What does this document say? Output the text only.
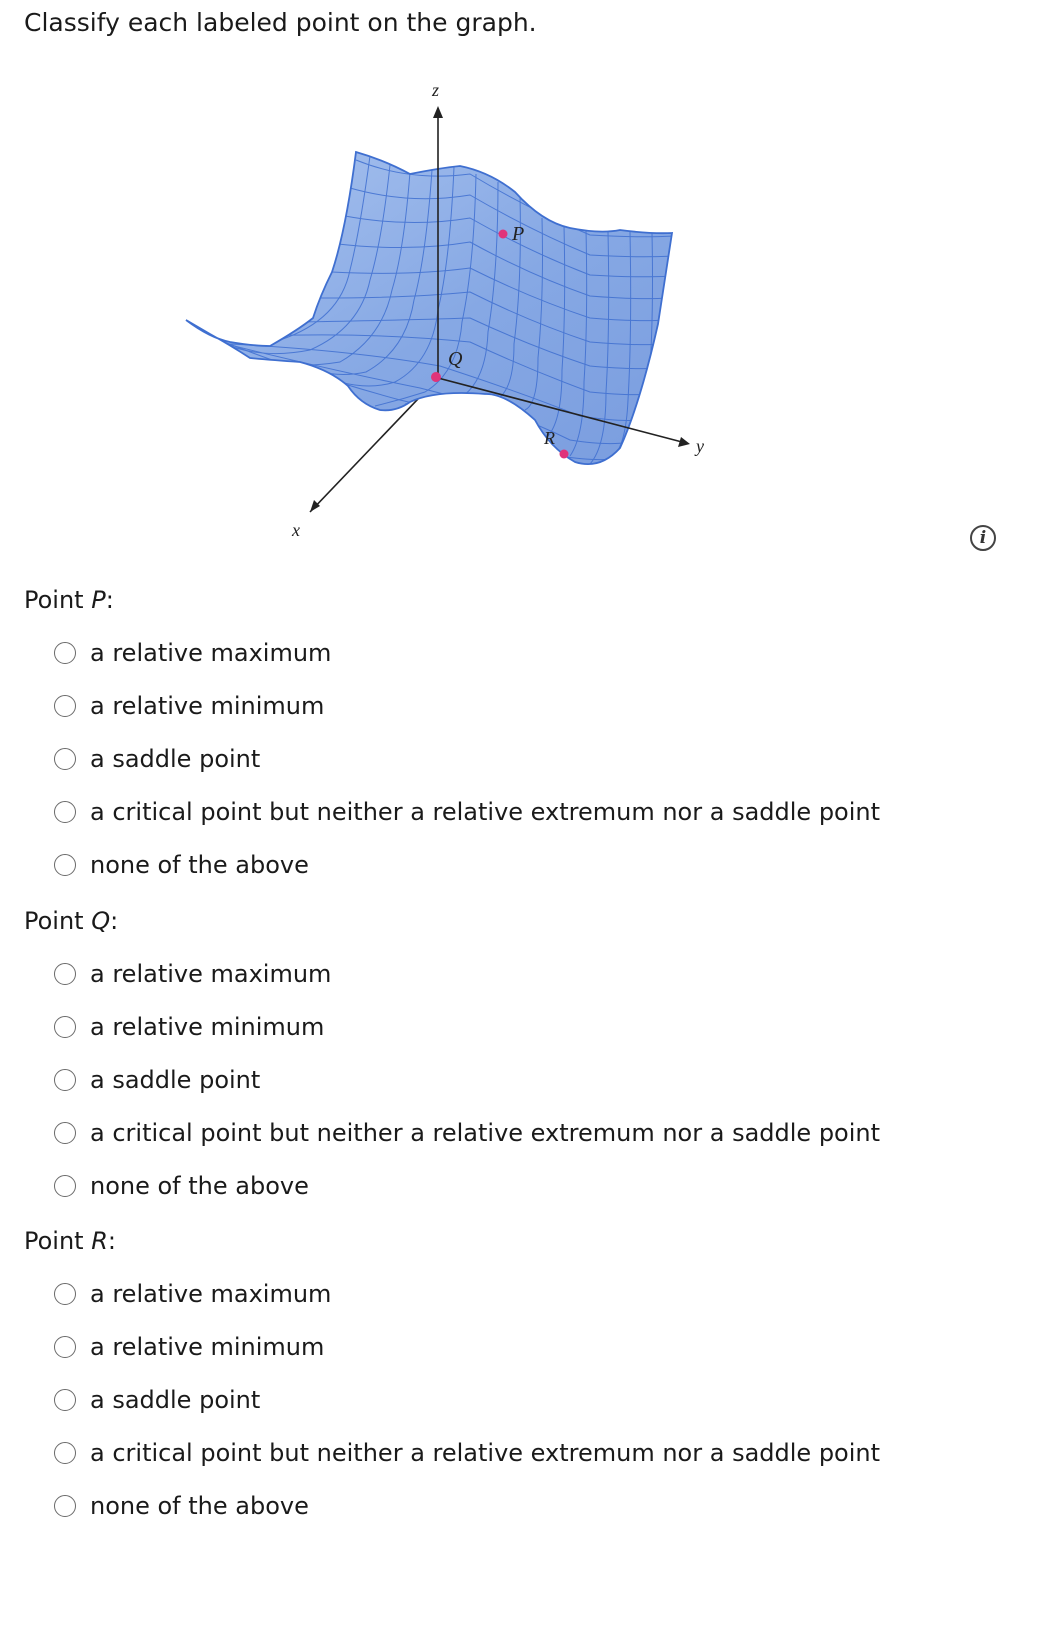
Classify each labeled point on the graph.
z
y
x
P
Q
R
i
Point P:
a relative maximum
a relative minimum
a saddle point
a critical point but neither a relative extremum nor a saddle point
none of the above
Point Q:
a relative maximum
a relative minimum
a saddle point
a critical point but neither a relative extremum nor a saddle point
none of the above
Point R:
a relative maximum
a relative minimum
a saddle point
a critical point but neither a relative extremum nor a saddle point
none of the above
